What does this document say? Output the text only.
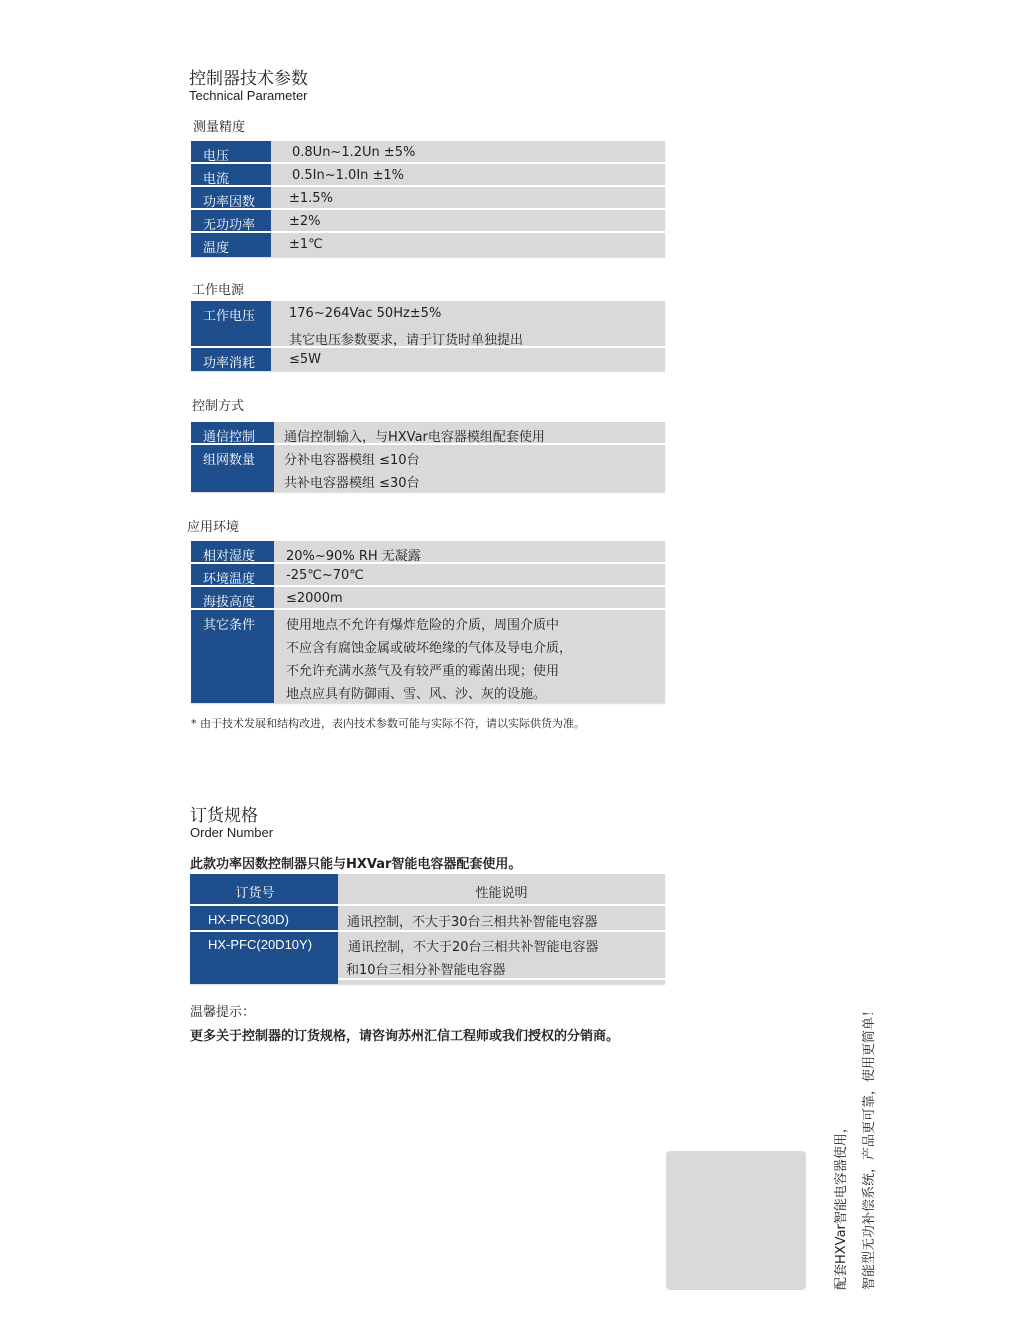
控制器技术参数
Technical Parameter
测量精度
电压	0.8Un~1.2Un ±5%
电流	0.5In~1.0In ±1%
功率因数	±1.5%
无功功率	±2%
温度	±1℃
工作电源
工作电压	176~264Vac 50Hz±5%
其它电压参数要求，请于订货时单独提出
功率消耗	≤5W
控制方式
通信控制 通信控制输入，与HXVar电容器模组配套使用
组网数量 分补电容器模组 ≤10台
共补电容器模组 ≤30台
应用环境
相对湿度 20%~90% RH 无凝露
环境温度 -25℃~70℃
海拔高度 ≤2000m
其它条件 使用地点不允许有爆炸危险的介质，周围介质中
不应含有腐蚀金属或破坏绝缘的气体及导电介质，
不允许充满水蒸气及有较严重的霉菌出现；使用
地点应具有防御雨、雪、风、沙、灰的设施。
* 由于技术发展和结构改进，表内技术参数可能与实际不符，请以实际供货为准。
订货规格
Order Number
此款功率因数控制器只能与HXVar智能电容器配套使用。
订货号	性能说明
HX-PFC(30D)	通讯控制，不大于30台三相共补智能电容器
HX-PFC(20D10Y)	通讯控制，不大于20台三相共补智能电容器
和10台三相分补智能电容器
温馨提示：
更多关于控制器的订货规格，请咨询苏州汇信工程师或我们授权的分销商。
配套HXVar智能电容器使用，	智能型无功补偿系统，产品更可靠，使用更简单！
